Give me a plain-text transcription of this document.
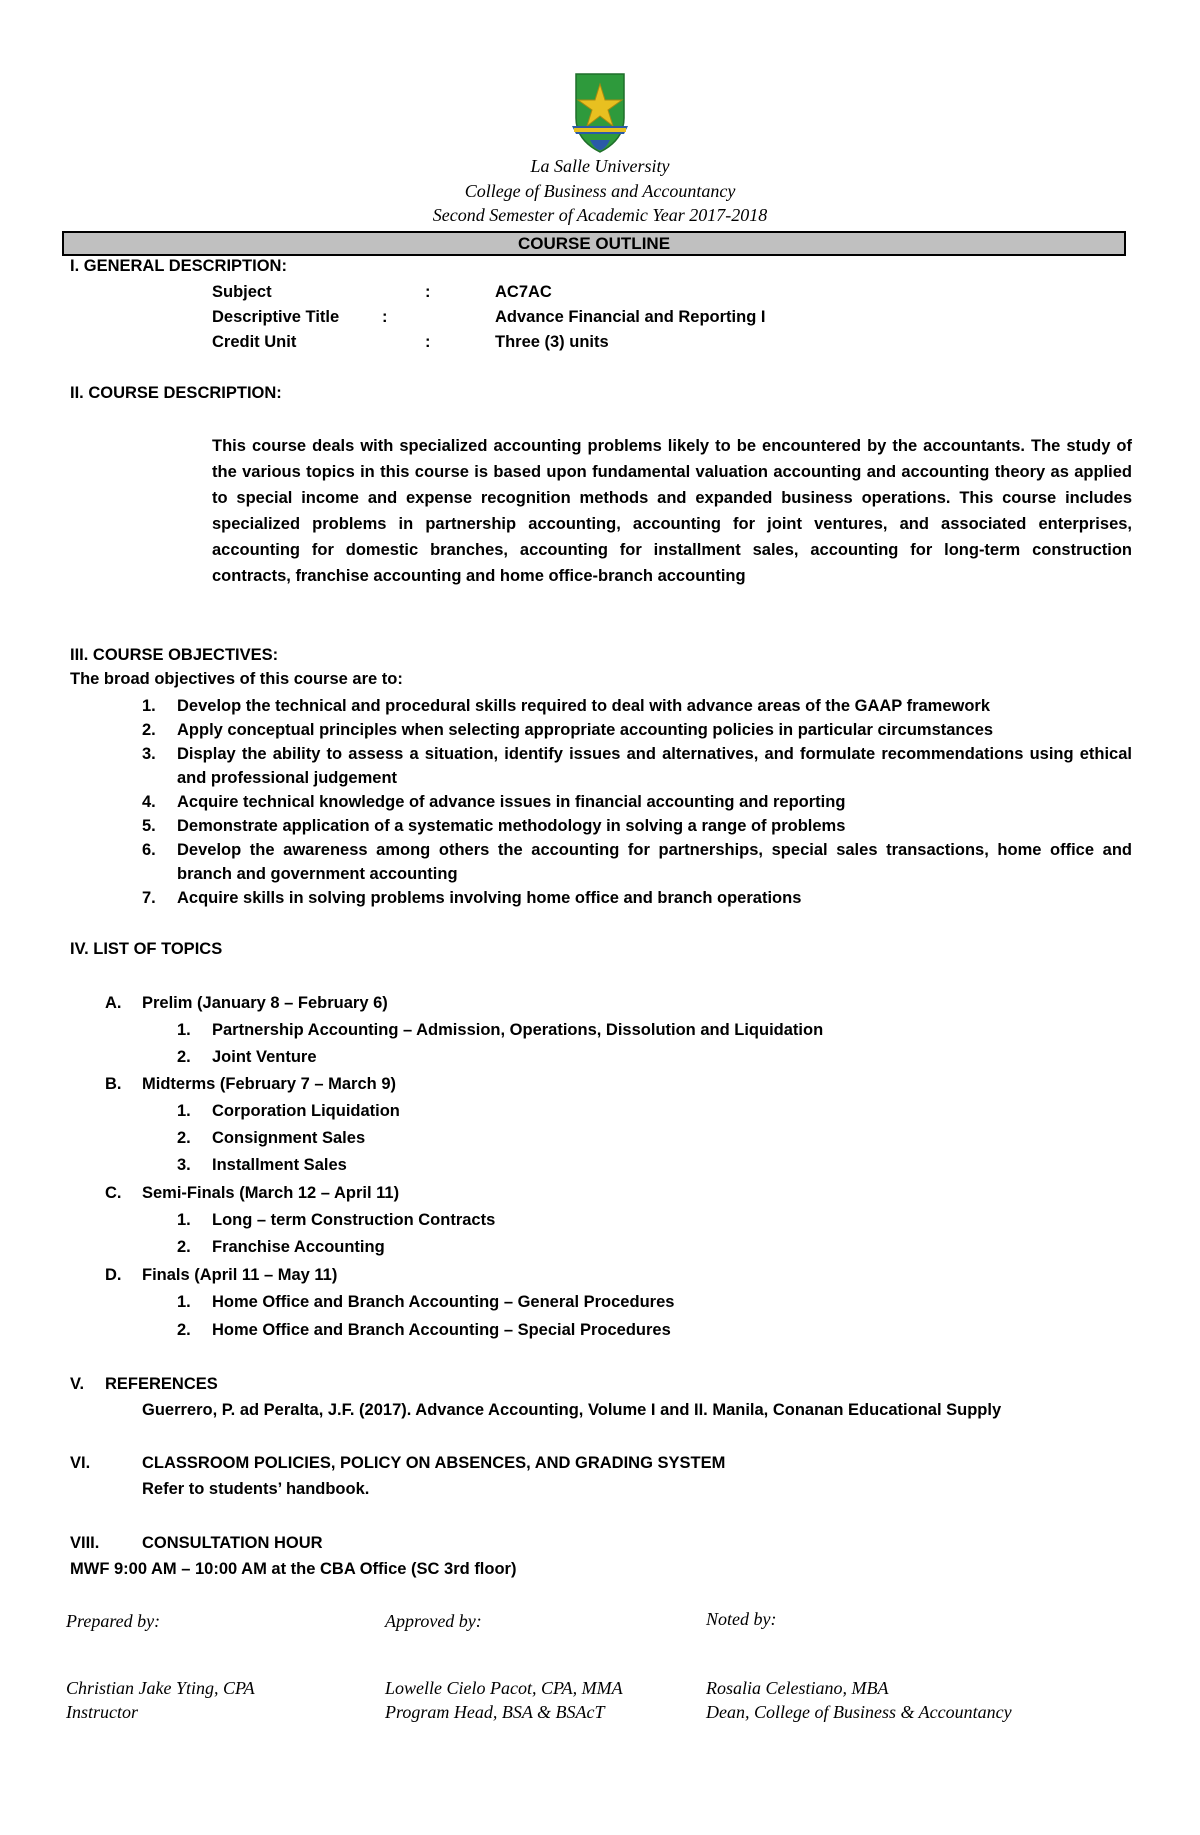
La Salle University
College of Business and Accountancy
Second Semester of Academic Year 2017-2018
COURSE OUTLINE
I. GENERAL DESCRIPTION:
Subject	:	AC7AC
Descriptive Title	:	Advance Financial and Reporting I
Credit Unit	:	Three (3) units
II. COURSE DESCRIPTION:
This course deals with specialized accounting problems likely to be encountered by the accountants. The study of the various topics in this course is based upon fundamental valuation accounting and accounting theory as applied to special income and expense recognition methods and expanded business operations. This course includes specialized problems in partnership accounting, accounting for joint ventures, and associated enterprises, accounting for domestic branches, accounting for installment sales, accounting for long-term construction contracts, franchise accounting and home office-branch accounting
III. COURSE OBJECTIVES:
The broad objectives of this course are to:
1.	Develop the technical and procedural skills required to deal with advance areas of the GAAP framework
2.	Apply conceptual principles when selecting appropriate accounting policies in particular circumstances
3.	Display the ability to assess a situation, identify issues and alternatives, and formulate recommendations using ethical and professional judgement
4.	Acquire technical knowledge of advance issues in financial accounting and reporting
5.	Demonstrate application of a systematic methodology in solving a range of problems
6.	Develop the awareness among others the accounting for partnerships, special sales transactions, home office and branch and government accounting
7.	Acquire skills in solving problems involving home office and branch operations
IV. LIST OF TOPICS
A. Prelim (January 8 – February 6)
1. Partnership Accounting – Admission, Operations, Dissolution and Liquidation
2. Joint Venture
B. Midterms (February 7 – March 9)
1. Corporation Liquidation
2. Consignment Sales
3. Installment Sales
C. Semi-Finals (March 12 – April 11)
1. Long – term Construction Contracts
2. Franchise Accounting
D. Finals (April 11 – May 11)
1. Home Office and Branch Accounting – General Procedures
2. Home Office and Branch Accounting – Special Procedures
V. REFERENCES
Guerrero, P. ad Peralta, J.F. (2017). Advance Accounting, Volume I and II. Manila, Conanan Educational Supply
VI.	CLASSROOM POLICIES, POLICY ON ABSENCES, AND GRADING SYSTEM
Refer to students’ handbook.
VIII.	CONSULTATION HOUR
MWF 9:00 AM – 10:00 AM at the CBA Office (SC 3rd floor)
Prepared by:
Christian Jake Yting, CPA
Instructor
Approved by:
Lowelle Cielo Pacot, CPA, MMA
Program Head, BSA & BSAcT
Noted by:
Rosalia Celestiano, MBA
Dean, College of Business & Accountancy
